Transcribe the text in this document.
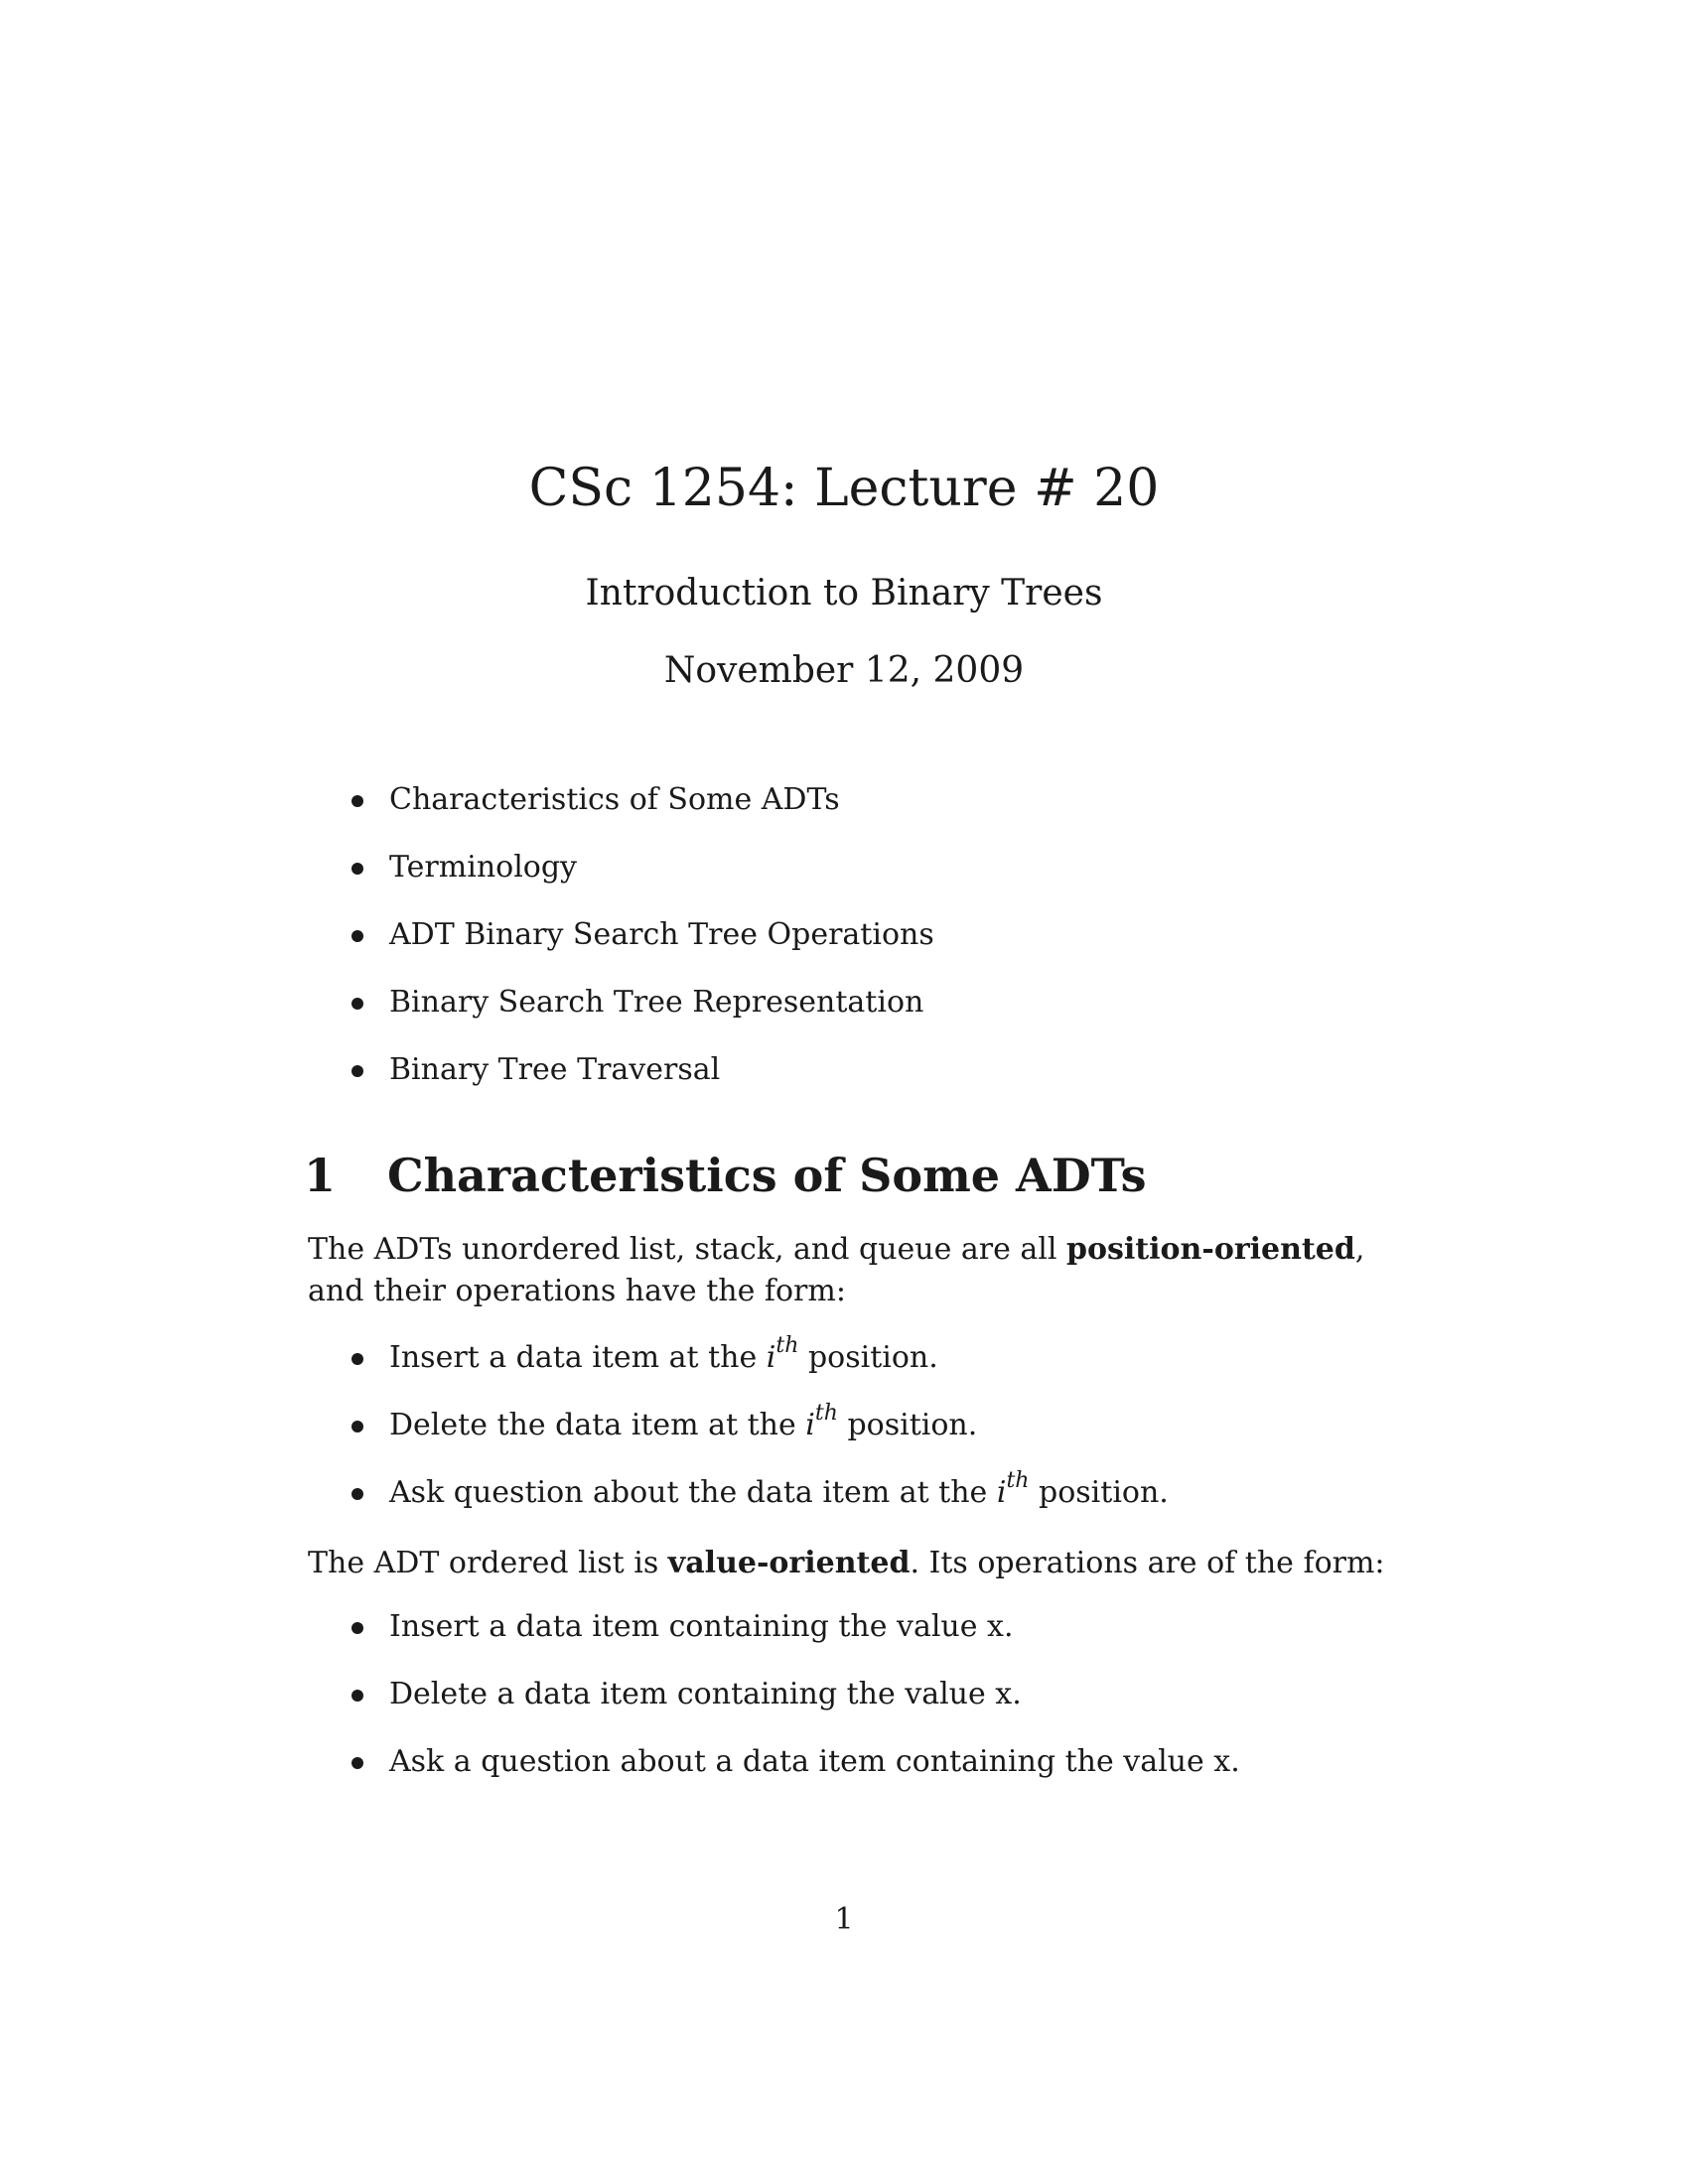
CSc 1254: Lecture # 20
Introduction to Binary Trees
November 12, 2009
Characteristics of Some ADTs
Terminology
ADT Binary Search Tree Operations
Binary Search Tree Representation
Binary Tree Traversal
1 Characteristics of Some ADTs

The ADTs unordered list, stack, and queue are all position-oriented, and their operations have the form:

Insert a data item at the $i^{th}$ position.
Delete the data item at the $i^{th}$ position.
Ask question about the data item at the $i^{th}$ position.

The ADT ordered list is value-oriented. Its operations are of the form:

Insert a data item containing the value x.
Delete a data item containing the value x.
Ask a question about a data item containing the value x.
1
